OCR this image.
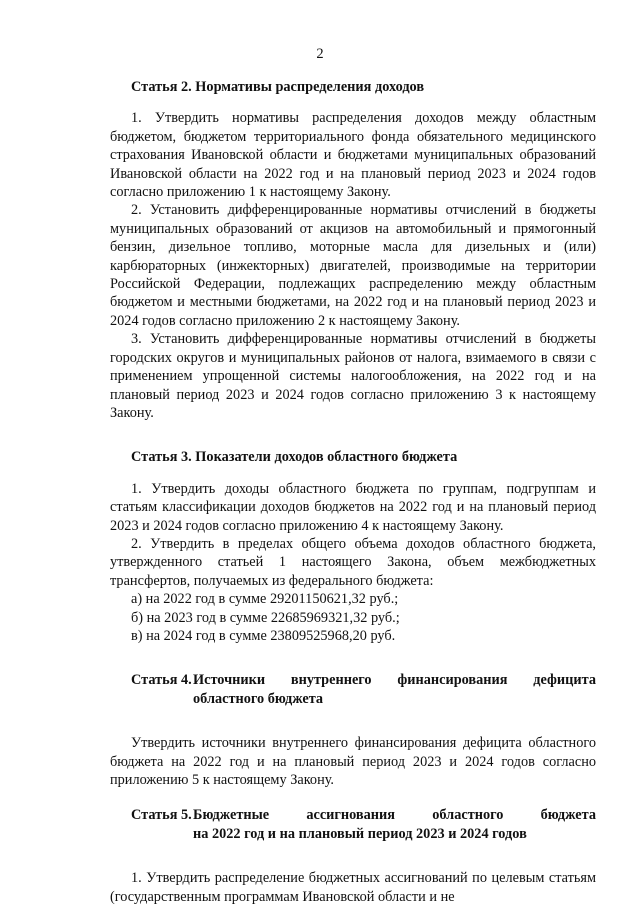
2

Статья 2. Нормативы распределения доходов

1. Утвердить нормативы распределения доходов между областным бюджетом, бюджетом территориального фонда обязательного медицинского страхования Ивановской области и бюджетами муниципальных образований Ивановской области на 2022 год и на плановый период 2023 и 2024 годов согласно приложению 1 к настоящему Закону.

2. Установить дифференцированные нормативы отчислений в бюджеты муниципальных образований от акцизов на автомобильный и прямогонный бензин, дизельное топливо, моторные масла для дизельных и (или) карбюраторных (инжекторных) двигателей, производимые на территории Российской Федерации, подлежащих распределению между областным бюджетом и местными бюджетами, на 2022 год и на плановый период 2023 и 2024 годов согласно приложению 2 к настоящему Закону.

3. Установить дифференцированные нормативы отчислений в бюджеты городских округов и муниципальных районов от налога, взимаемого в связи с применением упрощенной системы налогообложения, на 2022 год и на плановый период 2023 и 2024 годов согласно приложению 3 к настоящему Закону.

Статья 3. Показатели доходов областного бюджета

1. Утвердить доходы областного бюджета по группам, подгруппам и статьям классификации доходов бюджетов на 2022 год и на плановый период 2023 и 2024 годов согласно приложению 4 к настоящему Закону.

2. Утвердить в пределах общего объема доходов областного бюджета, утвержденного статьей 1 настоящего Закона, объем межбюджетных трансфертов, получаемых из федерального бюджета:

а) на 2022 год в сумме 29201150621,32 руб.;

б) на 2023 год в сумме 22685969321,32 руб.;

в) на 2024 год в сумме 23809525968,20 руб.

Статья 4. Источники внутреннего финансирования дефицита
областного бюджета

Утвердить источники внутреннего финансирования дефицита областного бюджета на 2022 год и на плановый период 2023 и 2024 годов согласно приложению 5 к настоящему Закону.

Статья 5. Бюджетные ассигнования областного бюджета
на 2022 год и на плановый период 2023 и 2024 годов

1. Утвердить распределение бюджетных ассигнований по целевым статьям (государственным программам Ивановской области и не
